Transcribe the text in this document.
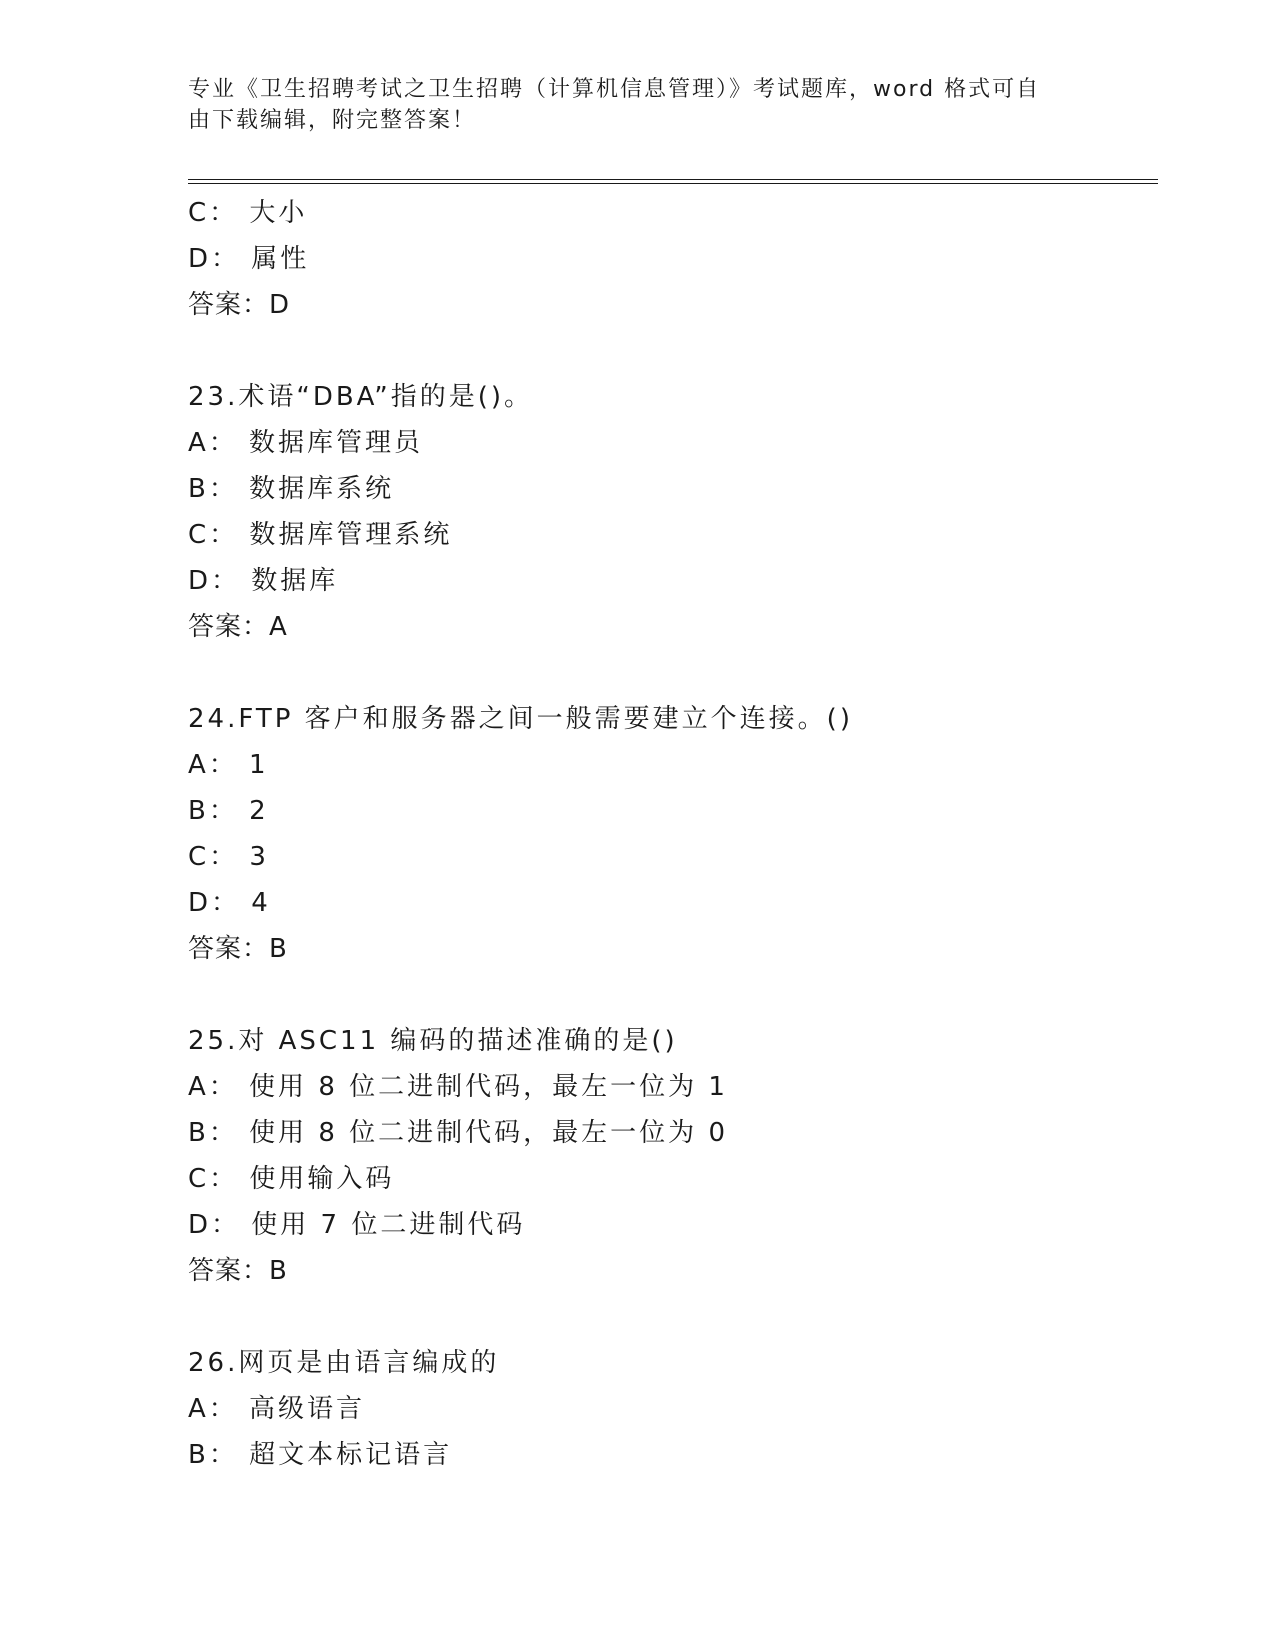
专业《卫生招聘考试之卫生招聘（计算机信息管理）》考试题库，word 格式可自
由下载编辑，附完整答案！
C： 大小
D： 属性
答案：D
23.术语“DBA”指的是()。
A： 数据库管理员
B： 数据库系统
C： 数据库管理系统
D： 数据库
答案：A
24.FTP 客户和服务器之间一般需要建立个连接。()
A： 1
B： 2
C： 3
D： 4
答案：B
25.对 ASC11 编码的描述准确的是()
A： 使用 8 位二进制代码，最左一位为 1
B： 使用 8 位二进制代码，最左一位为 0
C： 使用输入码
D： 使用 7 位二进制代码
答案：B
26.网页是由语言编成的
A： 高级语言
B： 超文本标记语言
